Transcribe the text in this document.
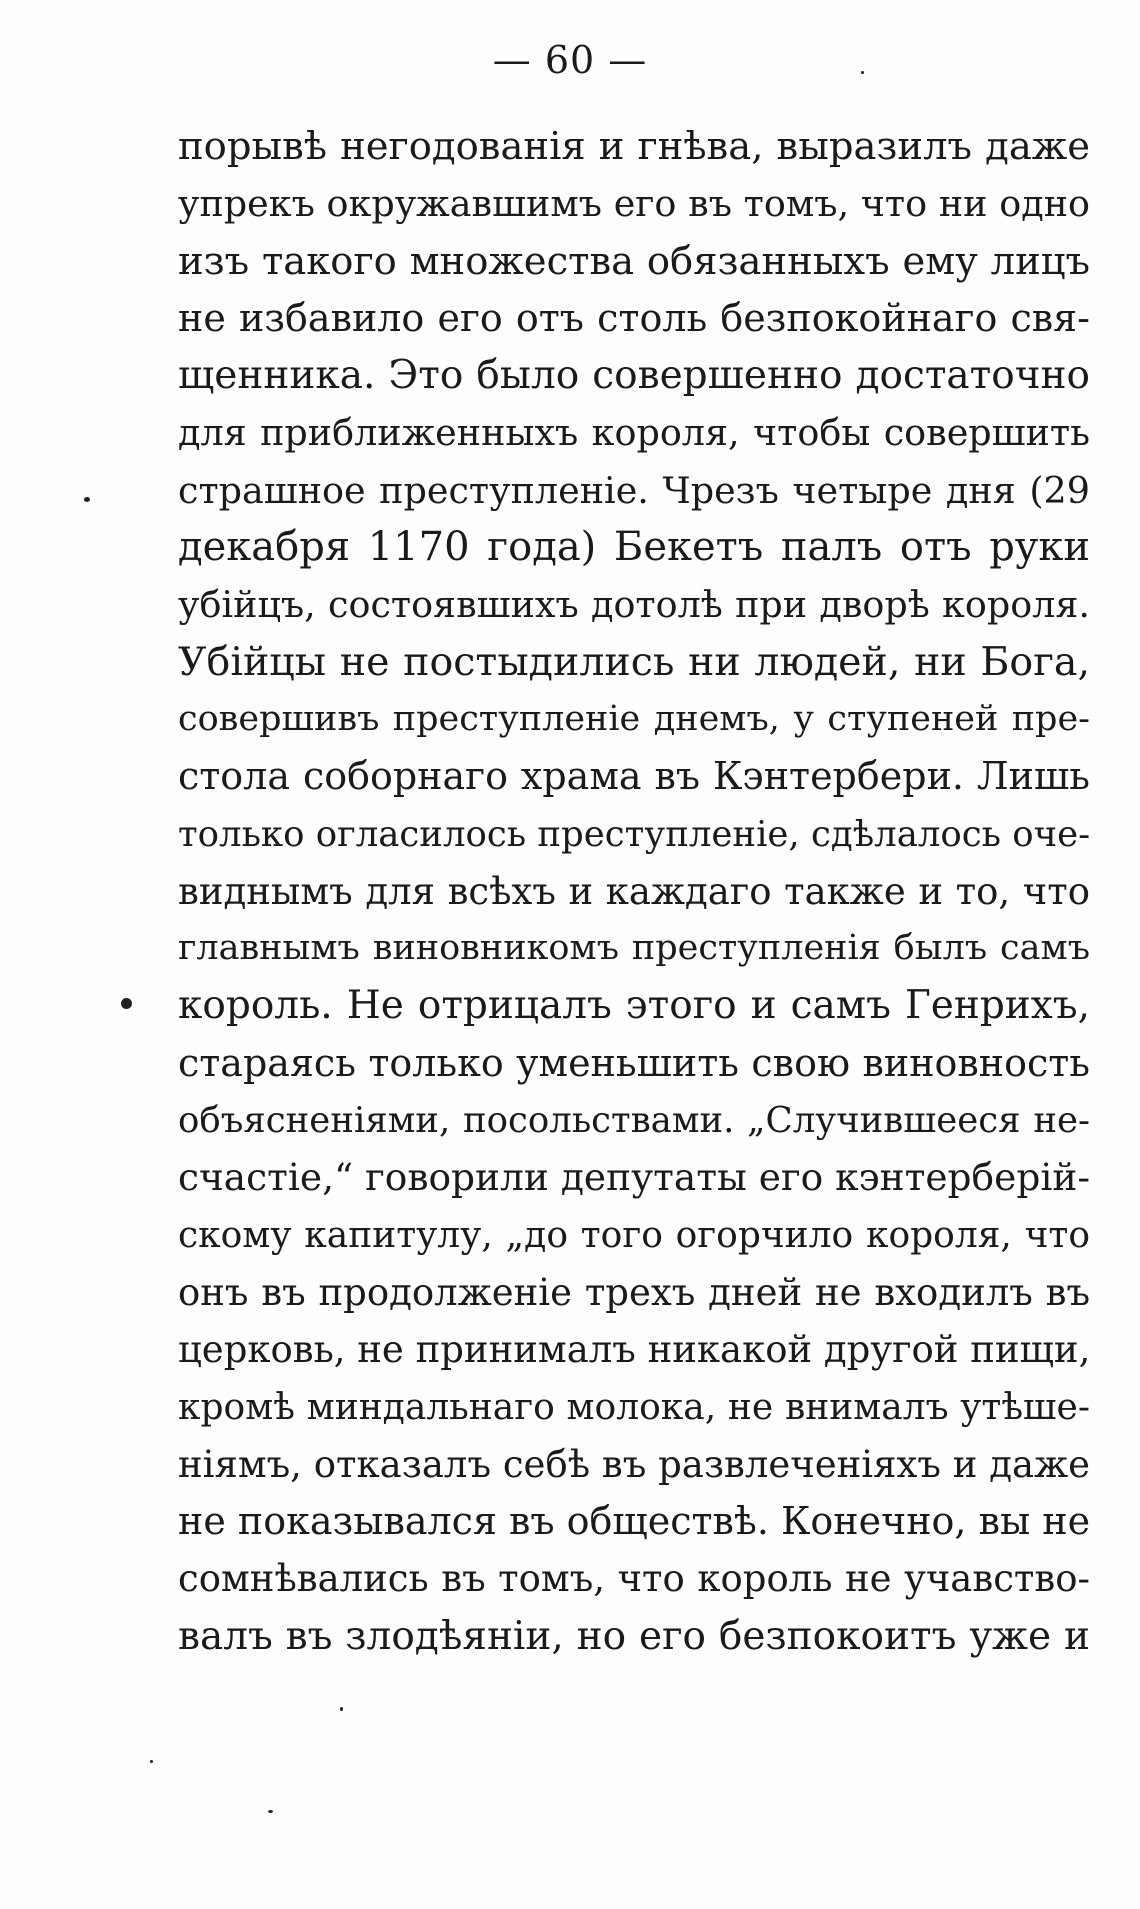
— 60 —
порывѣ негодованія и гнѣва, выразилъ даже
упрекъ окружавшимъ его въ томъ, что ни одно
изъ такого множества обязанныхъ ему лицъ
не избавило его отъ столь безпокойнаго свя-
щенника. Это было совершенно достаточно
для приближенныхъ короля, чтобы совершить
страшное преступленіе. Чрезъ четыре дня (29
декабря 1170 года) Бекетъ палъ отъ руки
убійцъ, состоявшихъ дотолѣ при дворѣ короля.
Убійцы не постыдились ни людей, ни Бога,
совершивъ преступленіе днемъ, у ступеней пре-
стола соборнаго храма въ Кэнтербери. Лишь
только огласилось преступленіе, сдѣлалось оче-
виднымъ для всѣхъ и каждаго также и то, что
главнымъ виновникомъ преступленія былъ самъ
король. Не отрицалъ этого и самъ Генрихъ,
стараясь только уменьшить свою виновность
объясненіями, посольствами. „Случившееся не-
счастіе,“ говорили депутаты его кэнтерберій-
скому капитулу, „до того огорчило короля, что
онъ въ продолженіе трехъ дней не входилъ въ
церковь, не принималъ никакой другой пищи,
кромѣ миндальнаго молока, не внималъ утѣше-
ніямъ, отказалъ себѣ въ развлеченіяхъ и даже
не показывался въ обществѣ. Конечно, вы не
сомнѣвались въ томъ, что король не учавство-
валъ въ злодѣяніи, но его безпокоитъ уже и
